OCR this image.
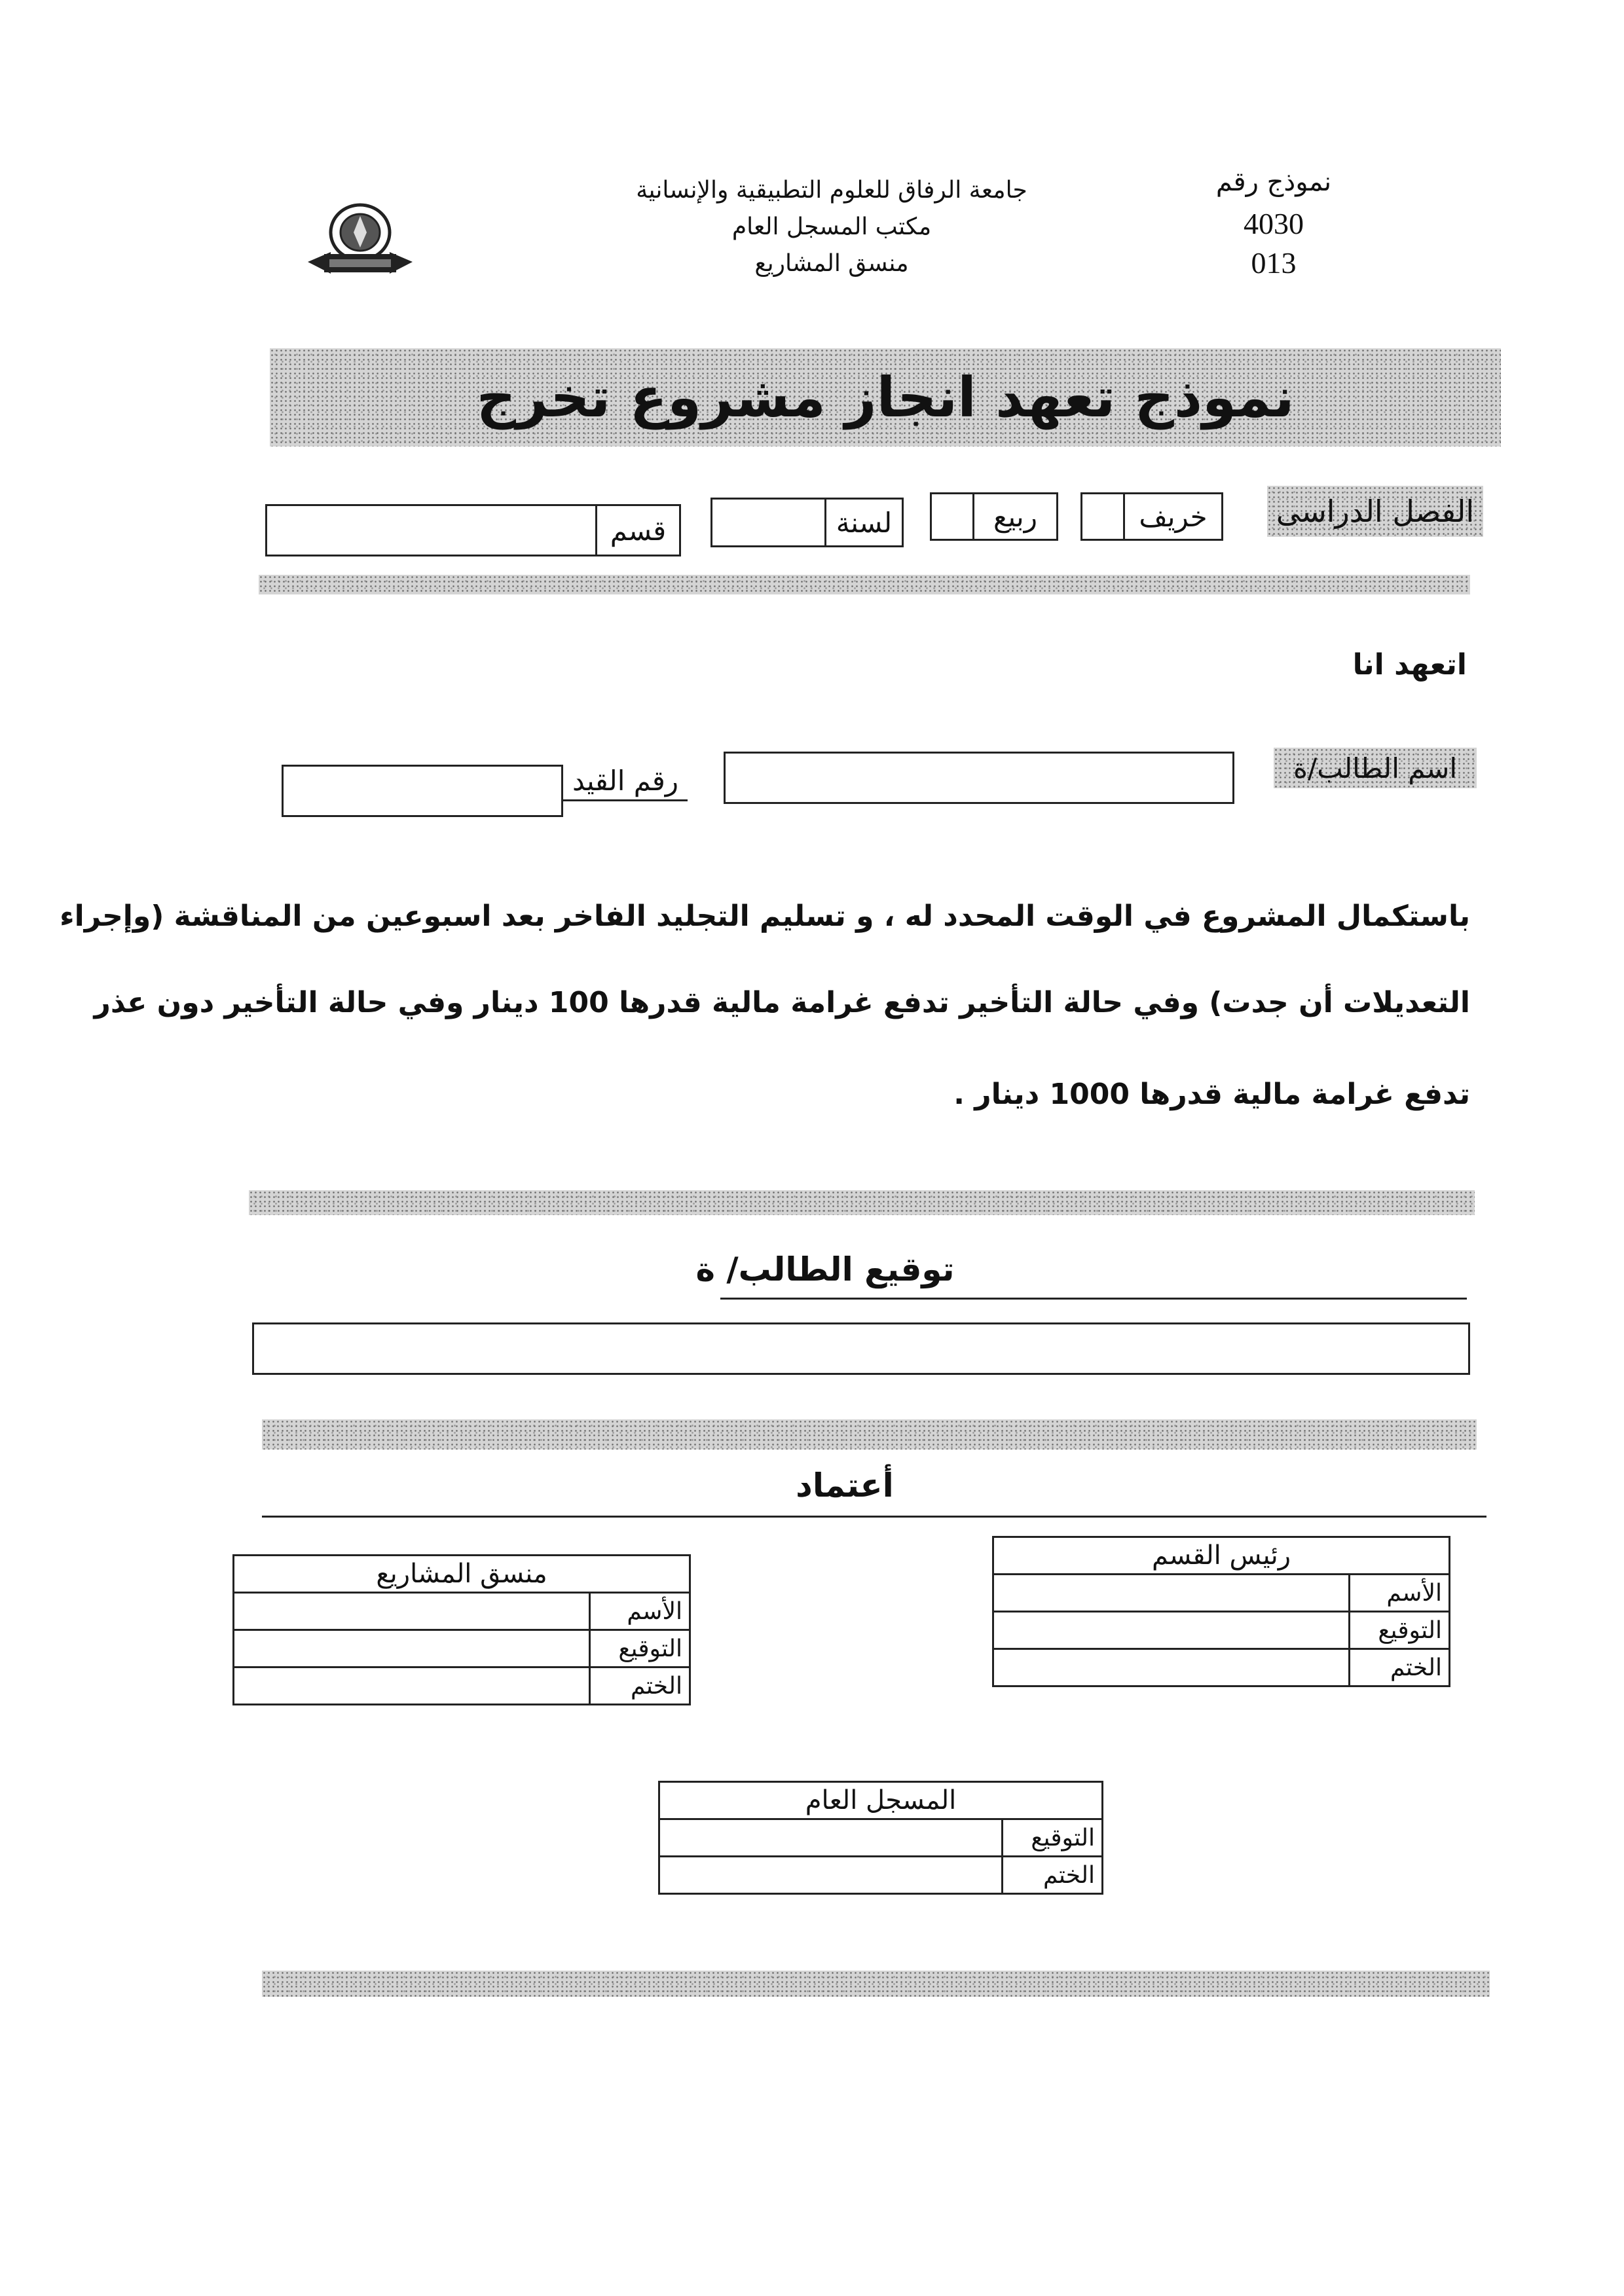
جامعة الرفاق للعلوم التطبيقية والإنسانية
مكتب المسجل العام
منسق المشاريع
نموذج رقم
4030
013
نموذج تعهد انجاز مشروع تخرج
الفصل الدراسى
خريف
ربيع
لسنة
قسم
اتعهد انا
اسم الطالب/ة
رقم القيد
باستكمال المشروع في الوقت المحدد له ، و تسليم التجليد الفاخر بعد اسبوعين من المناقشة (وإجراء
التعديلات أن جدت) وفي حالة التأخير تدفع غرامة مالية قدرها 100 دينار وفي حالة التأخير دون عذر
تدفع غرامة مالية قدرها 1000 دينار .
توقيع الطالب/ ة
أعتماد
منسق المشاريع	
الأسم	
التوقيع	
الختم	
رئيس القسم	
الأسم	
التوقيع	
الختم	
المسجل العام	
التوقيع	
الختم	
